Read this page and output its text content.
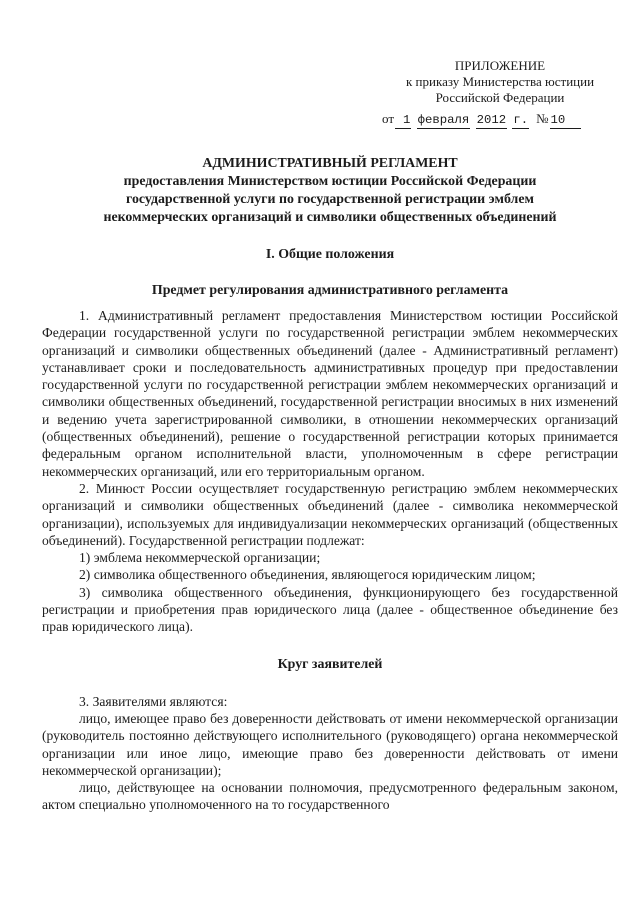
ПРИЛОЖЕНИЕ
к приказу Министерства юстиции
Российской Федерации
от 1 февраля 2012 г. № 10
АДМИНИСТРАТИВНЫЙ РЕГЛАМЕНТ
предоставления Министерством юстиции Российской Федерации
государственной услуги по государственной регистрации эмблем
некоммерческих организаций и символики общественных объединений
I. Общие положения
Предмет регулирования административного регламента

1. Административный регламент предоставления Министерством юстиции Российской Федерации государственной услуги по государственной регистрации эмблем некоммерческих организаций и символики общественных объединений (далее - Административный регламент) устанавливает сроки и последовательность административных процедур при предоставлении государственной услуги по государственной регистрации эмблем некоммерческих организаций и символики общественных объединений, государственной регистрации вносимых в них изменений и ведению учета зарегистрированной символики, в отношении некоммерческих организаций (общественных объединений), решение о государственной регистрации которых принимается федеральным органом исполнительной власти, уполномоченным в сфере регистрации некоммерческих организаций, или его территориальным органом.

2. Минюст России осуществляет государственную регистрацию эмблем некоммерческих организаций и символики общественных объединений (далее - символика некоммерческой организации), используемых для индивидуализации некоммерческих организаций (общественных объединений). Государственной регистрации подлежат:

1) эмблема некоммерческой организации;

2) символика общественного объединения, являющегося юридическим лицом;

3) символика общественного объединения, функционирующего без государственной регистрации и приобретения прав юридического лица (далее - общественное объединение без прав юридического лица).

Круг заявителей

3. Заявителями являются:

лицо, имеющее право без доверенности действовать от имени некоммерческой организации (руководитель постоянно действующего исполнительного (руководящего) органа некоммерческой организации или иное лицо, имеющие право без доверенности действовать от имени некоммерческой организации);

лицо, действующее на основании полномочия, предусмотренного федеральным законом, актом специально уполномоченного на то государственного
